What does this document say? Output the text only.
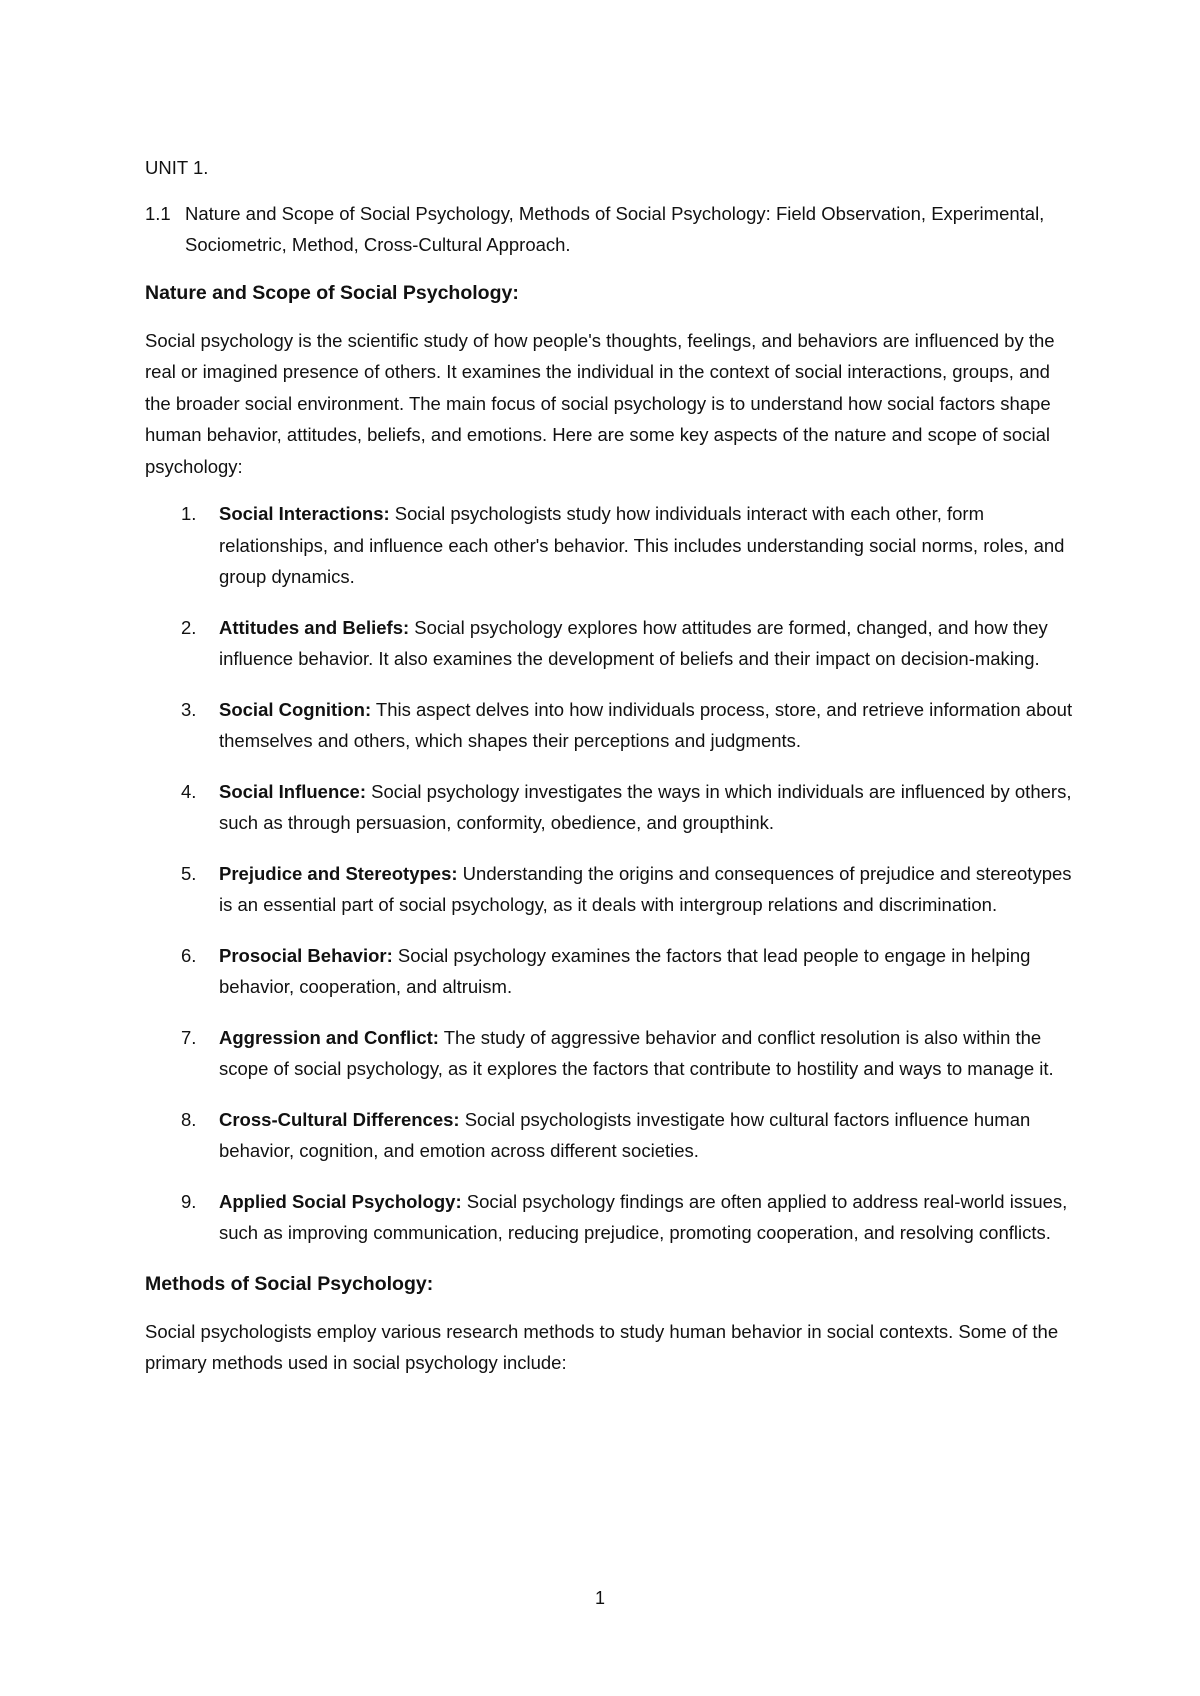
UNIT 1.
1.1 Nature and Scope of Social Psychology, Methods of Social Psychology: Field Observation, Experimental, Sociometric, Method, Cross-Cultural Approach.
Nature and Scope of Social Psychology:

Social psychology is the scientific study of how people's thoughts, feelings, and behaviors are influenced by the real or imagined presence of others. It examines the individual in the context of social interactions, groups, and the broader social environment. The main focus of social psychology is to understand how social factors shape human behavior, attitudes, beliefs, and emotions. Here are some key aspects of the nature and scope of social psychology:

1.	Social Interactions: Social psychologists study how individuals interact with each other, form relationships, and influence each other's behavior. This includes understanding social norms, roles, and group dynamics.
2.	Attitudes and Beliefs: Social psychology explores how attitudes are formed, changed, and how they influence behavior. It also examines the development of beliefs and their impact on decision-making.
3.	Social Cognition: This aspect delves into how individuals process, store, and retrieve information about themselves and others, which shapes their perceptions and judgments.
4.	Social Influence: Social psychology investigates the ways in which individuals are influenced by others, such as through persuasion, conformity, obedience, and groupthink.
5.	Prejudice and Stereotypes: Understanding the origins and consequences of prejudice and stereotypes is an essential part of social psychology, as it deals with intergroup relations and discrimination.
6.	Prosocial Behavior: Social psychology examines the factors that lead people to engage in helping behavior, cooperation, and altruism.
7.	Aggression and Conflict: The study of aggressive behavior and conflict resolution is also within the scope of social psychology, as it explores the factors that contribute to hostility and ways to manage it.
8.	Cross-Cultural Differences: Social psychologists investigate how cultural factors influence human behavior, cognition, and emotion across different societies.
9.	Applied Social Psychology: Social psychology findings are often applied to address real-world issues, such as improving communication, reducing prejudice, promoting cooperation, and resolving conflicts.
Methods of Social Psychology:

Social psychologists employ various research methods to study human behavior in social contexts. Some of the primary methods used in social psychology include:

1
